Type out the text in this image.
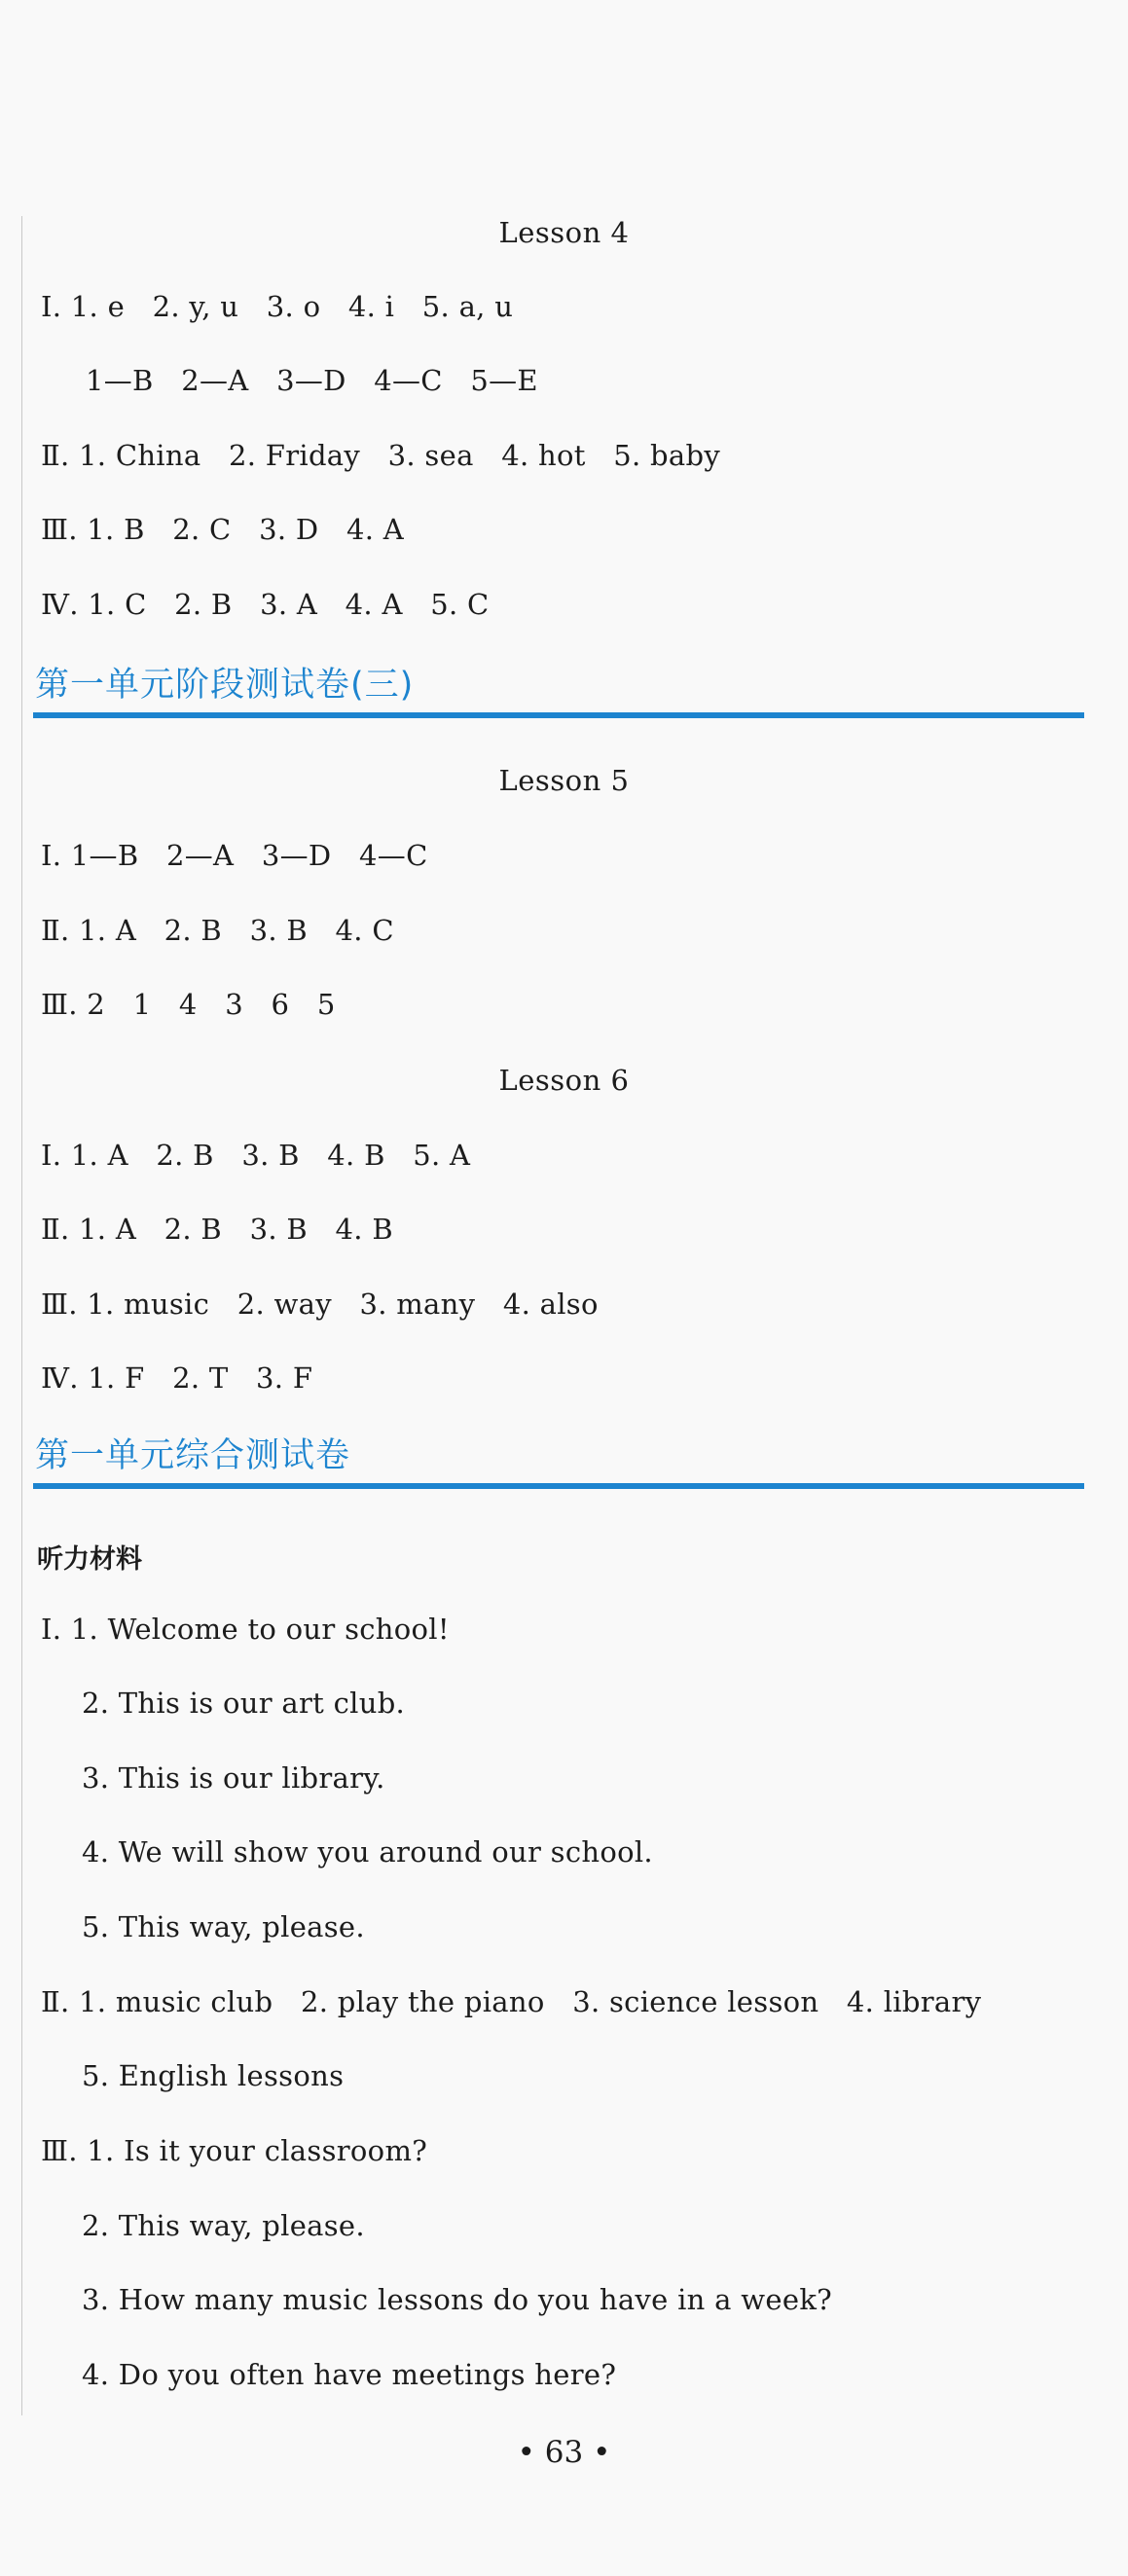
Lesson 4
Ⅰ. 1. e   2. y, u   3. o   4. i   5. a, u
1—B   2—A   3—D   4—C   5—E
Ⅱ. 1. China   2. Friday   3. sea   4. hot   5. baby
Ⅲ. 1. B   2. C   3. D   4. A
Ⅳ. 1. C   2. B   3. A   4. A   5. C
第一单元阶段测试卷(三)
Lesson 5
Ⅰ. 1—B   2—A   3—D   4—C
Ⅱ. 1. A   2. B   3. B   4. C
Ⅲ. 2   1   4   3   6   5
Lesson 6
Ⅰ. 1. A   2. B   3. B   4. B   5. A
Ⅱ. 1. A   2. B   3. B   4. B
Ⅲ. 1. music   2. way   3. many   4. also
Ⅳ. 1. F   2. T   3. F
第一单元综合测试卷
听力材料
Ⅰ. 1. Welcome to our school!
2. This is our art club.
3. This is our library.
4. We will show you around our school.
5. This way, please.
Ⅱ. 1. music club   2. play the piano   3. science lesson   4. library
5. English lessons
Ⅲ. 1. Is it your classroom?
2. This way, please.
3. How many music lessons do you have in a week?
4. Do you often have meetings here?
• 63 •
